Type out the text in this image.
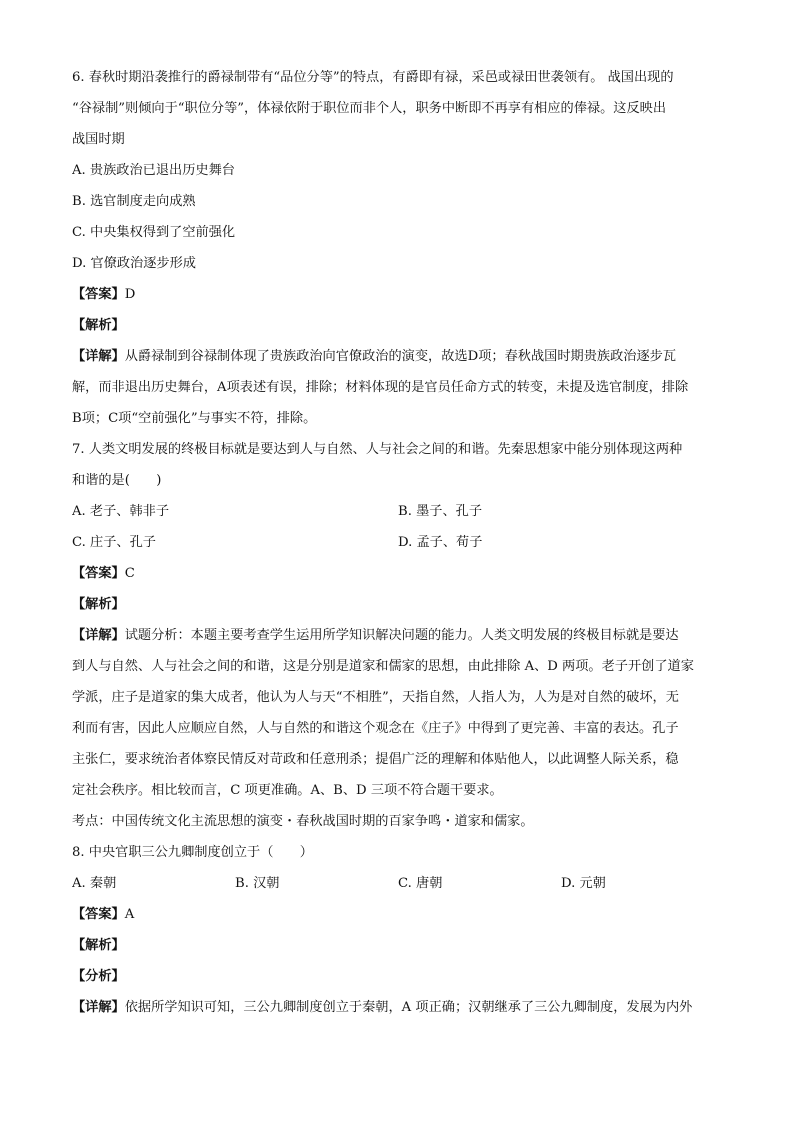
6. 春秋时期沿袭推行的爵禄制带有“品位分等”的特点，有爵即有禄，采邑或禄田世袭领有。 战国出现的
“谷禄制”则倾向于“职位分等”，体禄依附于职位而非个人，职务中断即不再享有相应的俸禄。这反映出
战国时期
A. 贵族政治已退出历史舞台
B. 选官制度走向成熟
C. 中央集权得到了空前强化
D. 官僚政治逐步形成
【答案】D
【解析】
【详解】从爵禄制到谷禄制体现了贵族政治向官僚政治的演变，故选D项；春秋战国时期贵族政治逐步瓦
解，而非退出历史舞台，A项表述有误，排除；材料体现的是官员任命方式的转变，未提及选官制度，排除
B项；C项“空前强化”与事实不符，排除。
7. 人类文明发展的终极目标就是要达到人与自然、人与社会之间的和谐。先秦思想家中能分别体现这两种
和谐的是(　　)
A. 老子、韩非子	B. 墨子、孔子
C. 庄子、孔子	D. 孟子、荀子
【答案】C
【解析】
【详解】试题分析：本题主要考查学生运用所学知识解决问题的能力。人类文明发展的终极目标就是要达
到人与自然、人与社会之间的和谐，这是分别是道家和儒家的思想，由此排除 A、D 两项。老子开创了道家
学派，庄子是道家的集大成者，他认为人与天“不相胜”，天指自然，人指人为，人为是对自然的破坏，无
利而有害，因此人应顺应自然，人与自然的和谐这个观念在《庄子》中得到了更完善、丰富的表达。孔子
主张仁，要求统治者体察民情反对苛政和任意刑杀；提倡广泛的理解和体贴他人，以此调整人际关系，稳
定社会秩序。相比较而言，C 项更准确。A、B、D 三项不符合题干要求。
考点：中国传统文化主流思想的演变・春秋战国时期的百家争鸣・道家和儒家。
8. 中央官职三公九卿制度创立于（　　）
A. 秦朝	B. 汉朝	C. 唐朝	D. 元朝
【答案】A
【解析】
【分析】
【详解】依据所学知识可知，三公九卿制度创立于秦朝，A 项正确；汉朝继承了三公九卿制度，发展为内外
